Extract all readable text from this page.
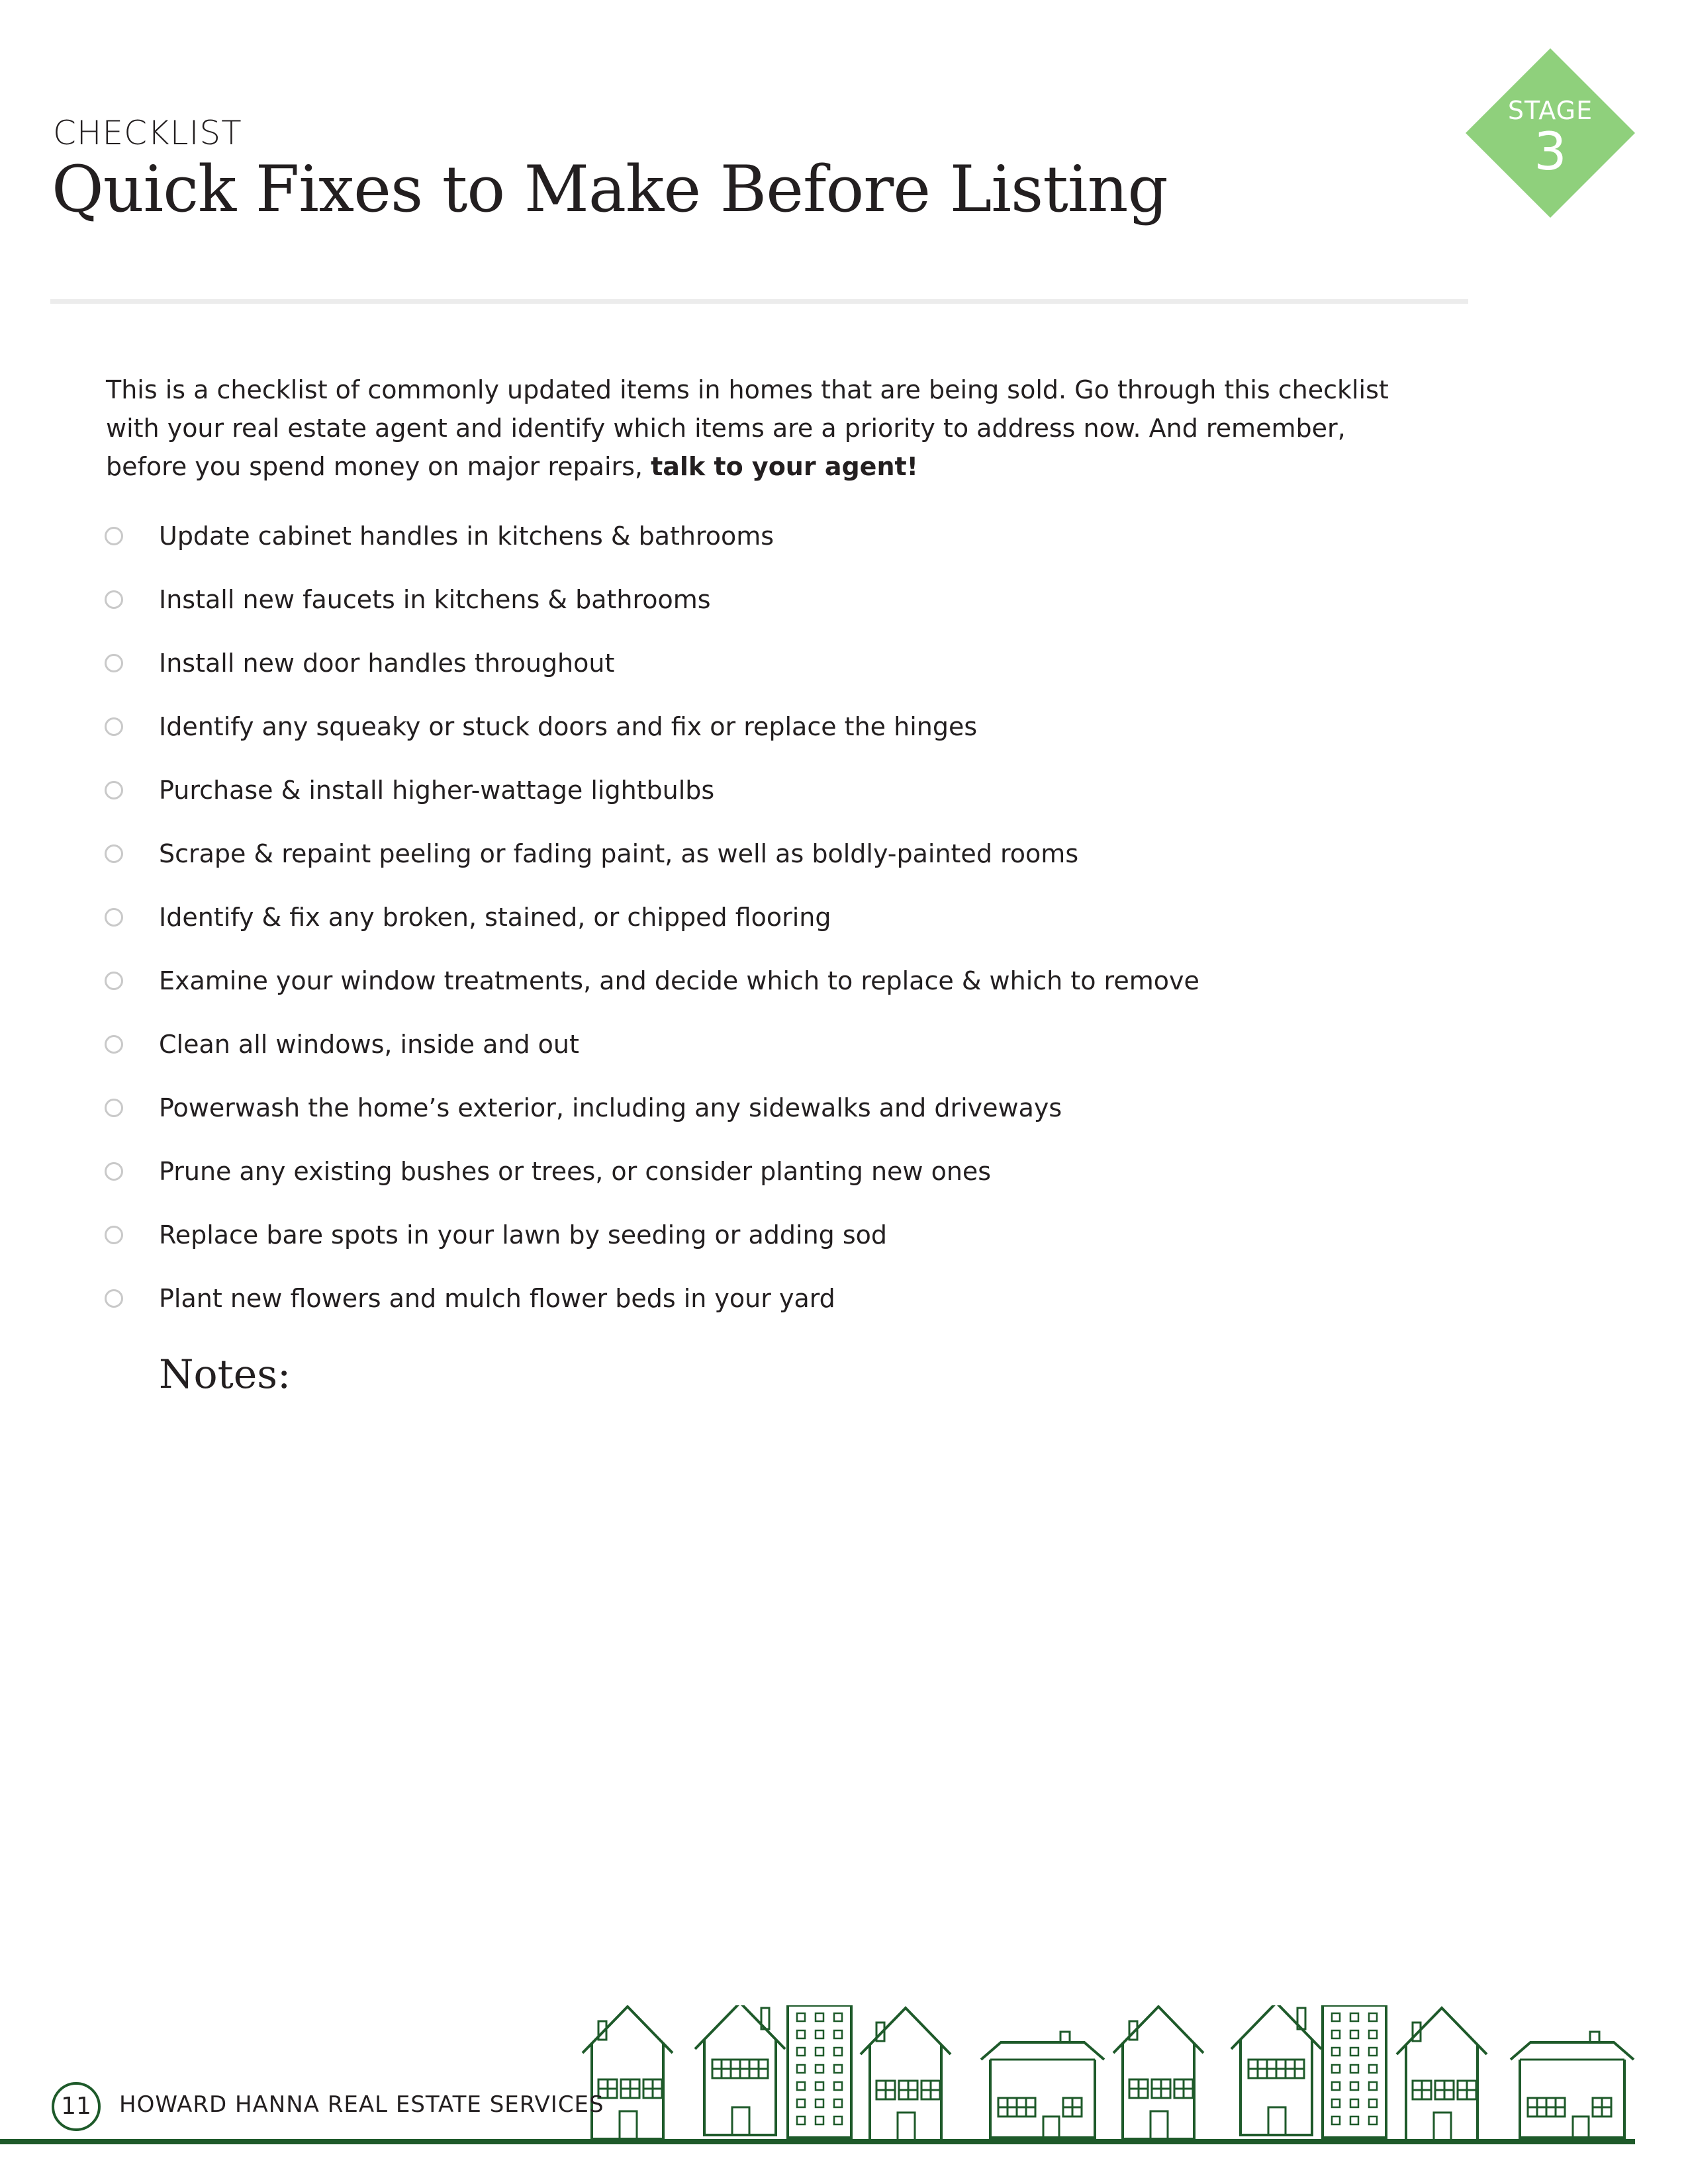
CHECKLIST
Quick Fixes to Make Before Listing
STAGE
3

This is a checklist of commonly updated items in homes that are being sold. Go through this checklist with your real estate agent and identify which items are a priority to address now. And remember, before you spend money on major repairs, talk to your agent!

Update cabinet handles in kitchens & bathrooms
Install new faucets in kitchens & bathrooms
Install new door handles throughout
Identify any squeaky or stuck doors and fix or replace the hinges
Purchase & install higher-wattage lightbulbs
Scrape & repaint peeling or fading paint, as well as boldly-painted rooms
Identify & fix any broken, stained, or chipped flooring
Examine your window treatments, and decide which to replace & which to remove
Clean all windows, inside and out
Powerwash the home’s exterior, including any sidewalks and driveways
Prune any existing bushes or trees, or consider planting new ones
Replace bare spots in your lawn by seeding or adding sod
Plant new flowers and mulch flower beds in your yard
Notes:
11	HOWARD HANNA REAL ESTATE SERVICES
